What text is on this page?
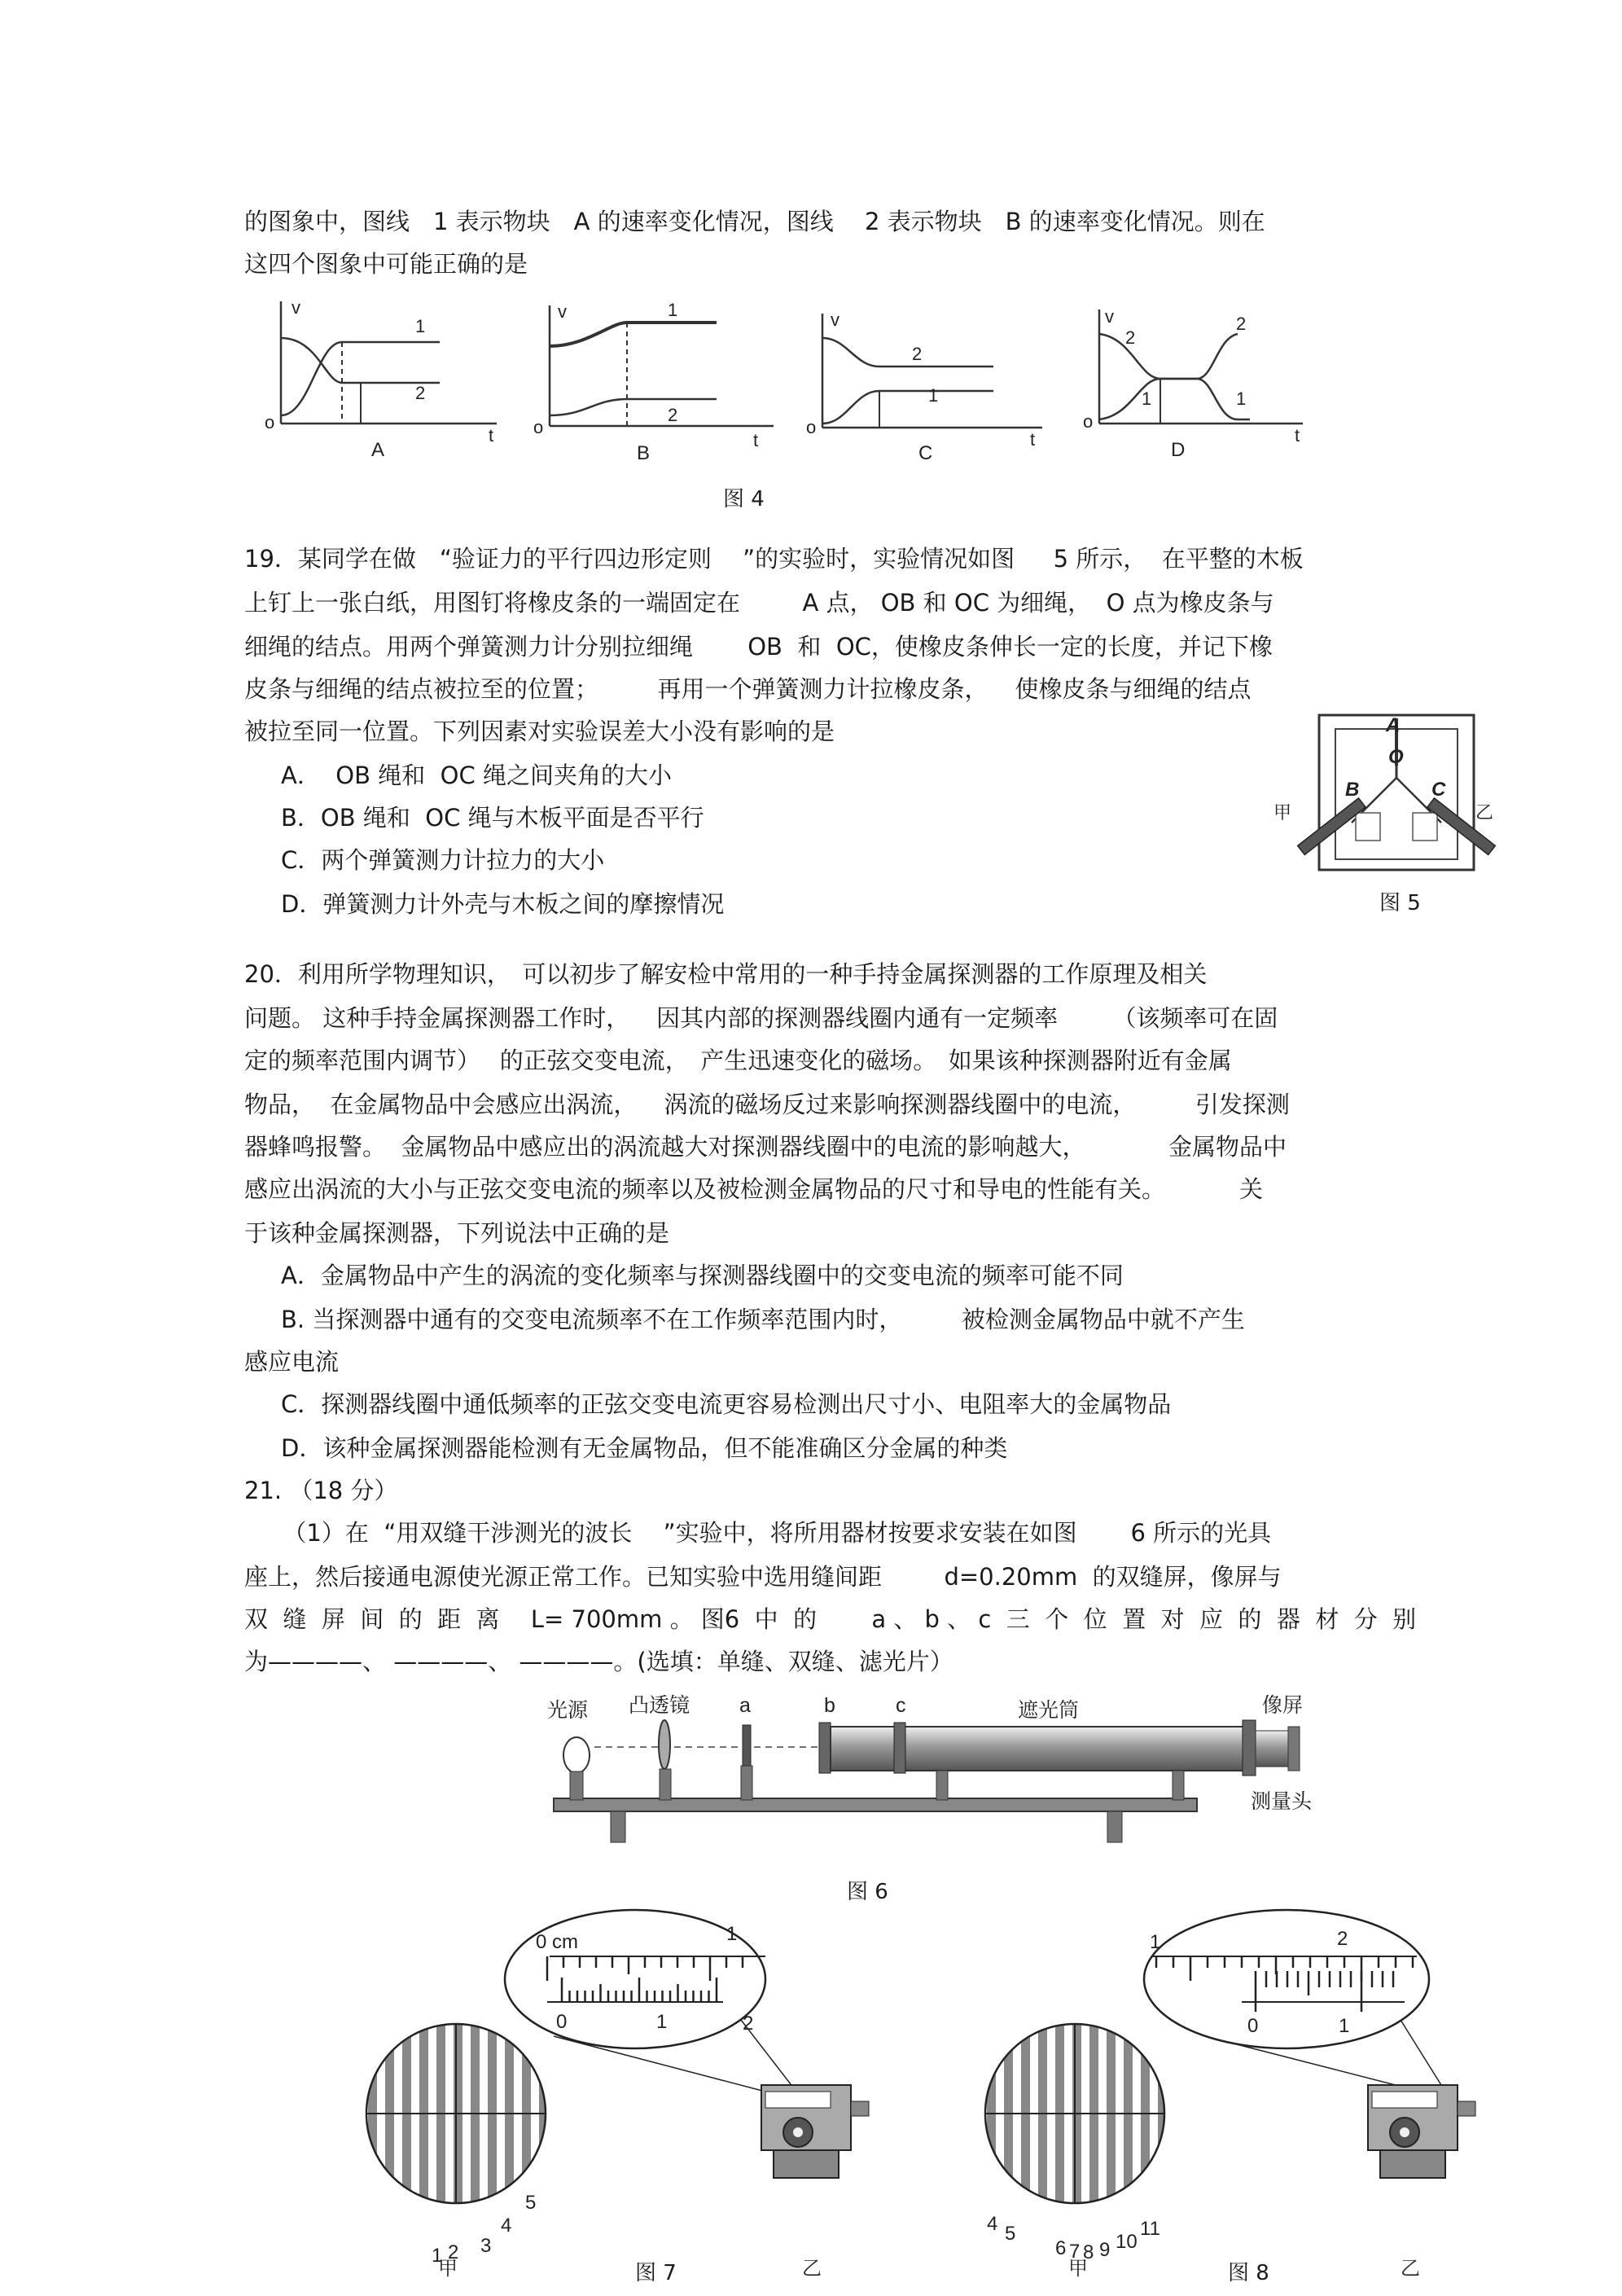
的图象中，图线　1 表示物块　A 的速率变化情况，图线　 2 表示物块　B 的速率变化情况。则在
这四个图象中可能正确的是
v
o
t
1
2
A
v
o
t
1
2
B
v
o
t
2
1
C
v
o
t
2
1
2
1
D
图 4
19．某同学在做　“验证力的平行四边形定则　 ”的实验时，实验情况如图　  5 所示，  在平整的木板
上钉上一张白纸，用图钉将橡皮条的一端固定在　　  A 点， OB 和 OC 为细绳，  O 点为橡皮条与
细绳的结点。用两个弹簧测力计分别拉细绳　　 OB  和  OC，使橡皮条伸长一定的长度，并记下橡
皮条与细绳的结点被拉至的位置；　　　再用一个弹簧测力计拉橡皮条，　  使橡皮条与细绳的结点
被拉至同一位置。下列因素对实验误差大小没有影响的是
A．  OB 绳和  OC 绳之间夹角的大小
B．OB 绳和  OC 绳与木板平面是否平行
C．两个弹簧测力计拉力的大小
D．弹簧测力计外壳与木板之间的摩擦情况
A
O
B	C
甲	乙
图 5
20．利用所学物理知识，　可以初步了解安检中常用的一种手持金属探测器的工作原理及相关
问题。 这种手持金属探测器工作时，　  因其内部的探测器线圈内通有一定频率　　 （该频率可在固
定的频率范围内调节）　 的正弦交变电流，　产生迅速变化的磁场。　如果该种探测器附近有金属
物品，  在金属物品中会感应出涡流，　  涡流的磁场反过来影响探测器线圈中的电流，　　　引发探测
器蜂鸣报警。  金属物品中感应出的涡流越大对探测器线圈中的电流的影响越大，　　　　金属物品中
感应出涡流的大小与正弦交变电流的频率以及被检测金属物品的尺寸和导电的性能有关。　　　  关
于该种金属探测器，下列说法中正确的是
A．金属物品中产生的涡流的变化频率与探测器线圈中的交变电流的频率可能不同
B. 当探测器中通有的交变电流频率不在工作频率范围内时，　　　被检测金属物品中就不产生
感应电流
C．探测器线圈中通低频率的正弦交变电流更容易检测出尺寸小、电阻率大的金属物品
D．该种金属探测器能检测有无金属物品，但不能准确区分金属的种类
21. （18 分）
　  （1）在  “用双缝干涉测光的波长　 ”实验中，将所用器材按要求安装在如图　    6 所示的光具
座上，然后接通电源使光源正常工作。已知实验中选用缝间距　　  d=0.20mm  的双缝屏，像屏与
双  缝  屏  间  的  距  离　 L= 700mm 。 图6  中  的　　 a 、 b 、 c  三  个  位  置  对  应  的  器  材  分  别
为————、 ————、 ————。(选填：单缝、双缝、滤光片）
光源 凸透镜 a	b	c	遮光筒	像屏
测量头
图 6
0 cm	1
0	1	2
1 2 3
4
5
甲	乙
图 7
1	2
0	1
4 5
6 7 8 9 10
11
甲	乙
图 8
